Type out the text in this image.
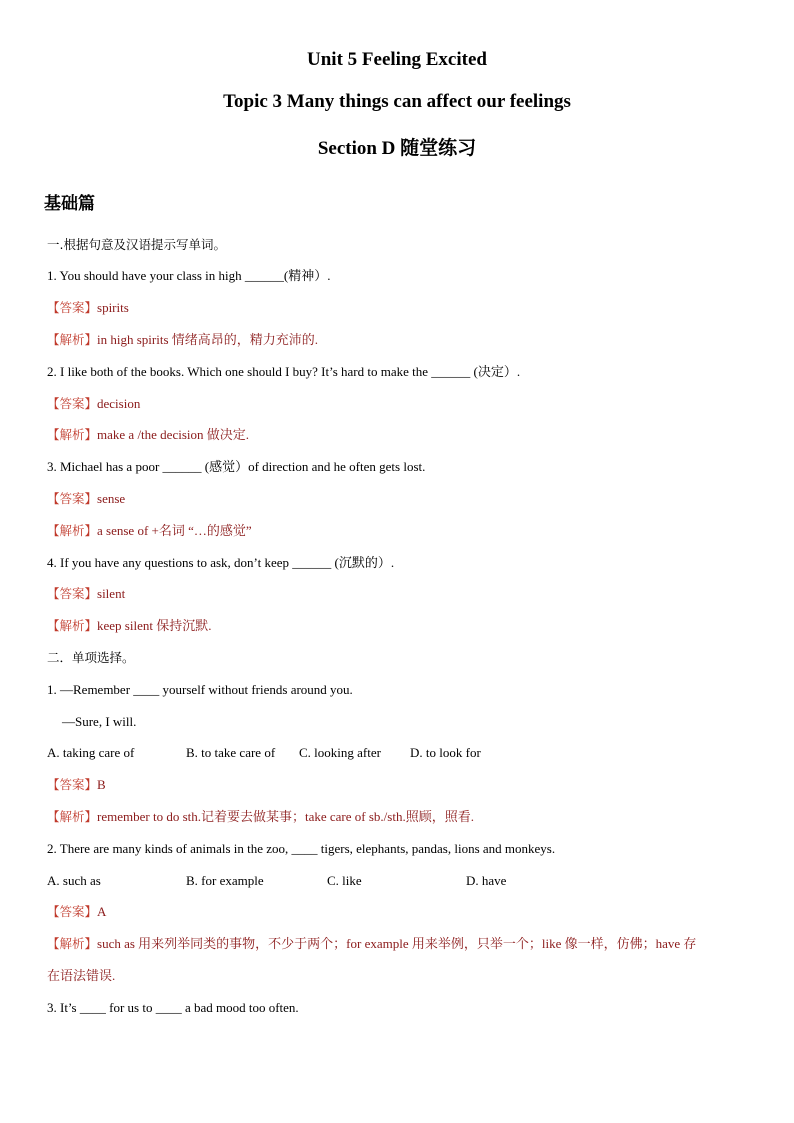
Unit 5 Feeling Excited
Topic 3 Many things can affect our feelings
Section D 随堂练习
基础篇
一.根据句意及汉语提示写单词。
1. You should have your class in high ______(精神）.
【答案】spirits
【解析】in high spirits 情绪高昂的，精力充沛的.
2. I like both of the books. Which one should I buy? It’s hard to make the ______ (决定）.
【答案】decision
【解析】make a /the decision 做决定.
3. Michael has a poor ______ (感觉）of direction and he often gets lost.
【答案】sense
【解析】a sense of +名词 “…的感觉”
4. If you have any questions to ask, don’t keep ______ (沉默的）.
【答案】silent
【解析】keep silent 保持沉默.
二．单项选择。
1. —Remember ____ yourself without friends around you.
—Sure, I will.
A. taking care of	B. to take care of C. looking after D. to look for
【答案】B
【解析】remember to do sth.记着要去做某事；take care of sb./sth.照顾，照看.
2. There are many kinds of animals in the zoo, ____ tigers, elephants, pandas, lions and monkeys.
A. such as	B. for example	C. like	D. have
【答案】A
【解析】such as 用来列举同类的事物，不少于两个；for example 用来举例，只举一个；like 像一样，仿佛；have 存
在语法错误.
3. It’s ____ for us to ____ a bad mood too often.
